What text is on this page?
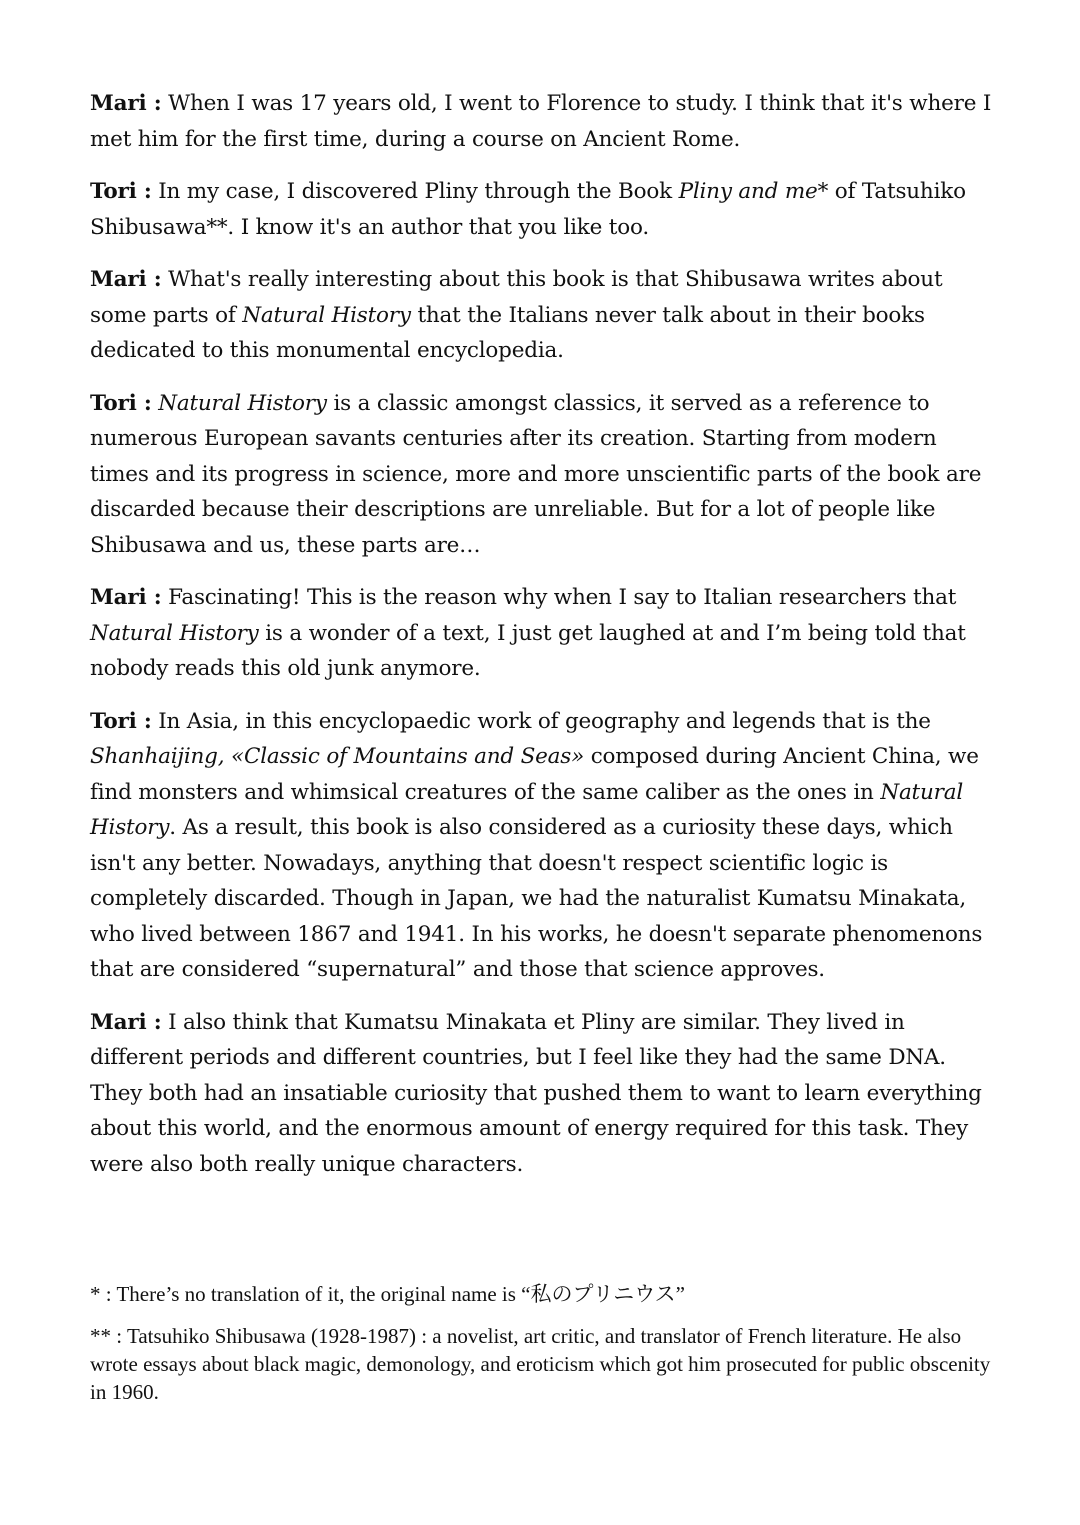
Mari : When I was 17 years old, I went to Florence to study. I think that it's where I met him for the first time, during a course on Ancient Rome.

Tori : In my case, I discovered Pliny through the Book Pliny and me* of Tatsuhiko Shibusawa**. I know it's an author that you like too.

Mari : What's really interesting about this book is that Shibusawa writes about some parts of Natural History that the Italians never talk about in their books dedicated to this monumental encyclopedia.

Tori : Natural History is a classic amongst classics, it served as a reference to numerous European savants centuries after its creation. Starting from modern times and its progress in science, more and more unscientific parts of the book are discarded because their descriptions are unreliable. But for a lot of people like Shibusawa and us, these parts are…

Mari : Fascinating! This is the reason why when I say to Italian researchers that Natural History is a wonder of a text, I just get laughed at and I’m being told that nobody reads this old junk anymore.

Tori : In Asia, in this encyclopaedic work of geography and legends that is the Shanhaijing, «Classic of Mountains and Seas» composed during Ancient China, we find monsters and whimsical creatures of the same caliber as the ones in Natural History. As a result, this book is also considered as a curiosity these days, which isn't any better. Nowadays, anything that doesn't respect scientific logic is completely discarded. Though in Japan, we had the naturalist Kumatsu Minakata, who lived between 1867 and 1941. In his works, he doesn't separate phenomenons that are considered “supernatural” and those that science approves.

Mari : I also think that Kumatsu Minakata et Pliny are similar. They lived in different periods and different countries, but I feel like they had the same DNA. They both had an insatiable curiosity that pushed them to want to learn everything about this world, and the enormous amount of energy required for this task. They were also both really unique characters.

* : There’s no translation of it, the original name is “私のプリニウス”

** : Tatsuhiko Shibusawa (1928-1987) : a novelist, art critic, and translator of French literature. He also wrote essays about black magic, demonology, and eroticism which got him prosecuted for public obscenity in 1960.
